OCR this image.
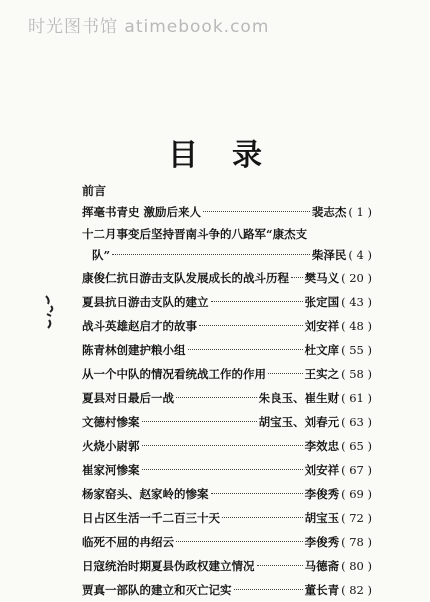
时光图书馆 atimebook.com
目录
前言
挥毫书青史 激励后来人	裴志杰 ( 1 )
十二月事变后坚持晋南斗争的八路军“康杰支
队”	柴泽民 ( 4 )
康俊仁抗日游击支队发展成长的战斗历程 樊马义 ( 20 )
夏县抗日游击支队的建立	张定国 ( 43 )
战斗英雄赵启才的故事	刘安祥 ( 48 )
陈青林创建护粮小组	杜文庠 ( 55 )
从一个中队的情况看统战工作的作用	王实之 ( 58 )
夏县对日最后一战	朱良玉、崔生财 ( 61 )
文德村惨案	胡宝玉、刘春元 ( 63 )
火烧小尉郭	李效忠 ( 65 )
崔家河惨案	刘安祥 ( 67 )
杨家窑头、赵家岭的惨案	李俊秀 ( 69 )
日占区生活一千二百三十天	胡宝玉 ( 72 )
临死不屈的冉绍云	李俊秀 ( 78 )
日寇统治时期夏县伪政权建立情况	马德斋 ( 80 )
贾真一部队的建立和灭亡记实	董长青 ( 82 )
